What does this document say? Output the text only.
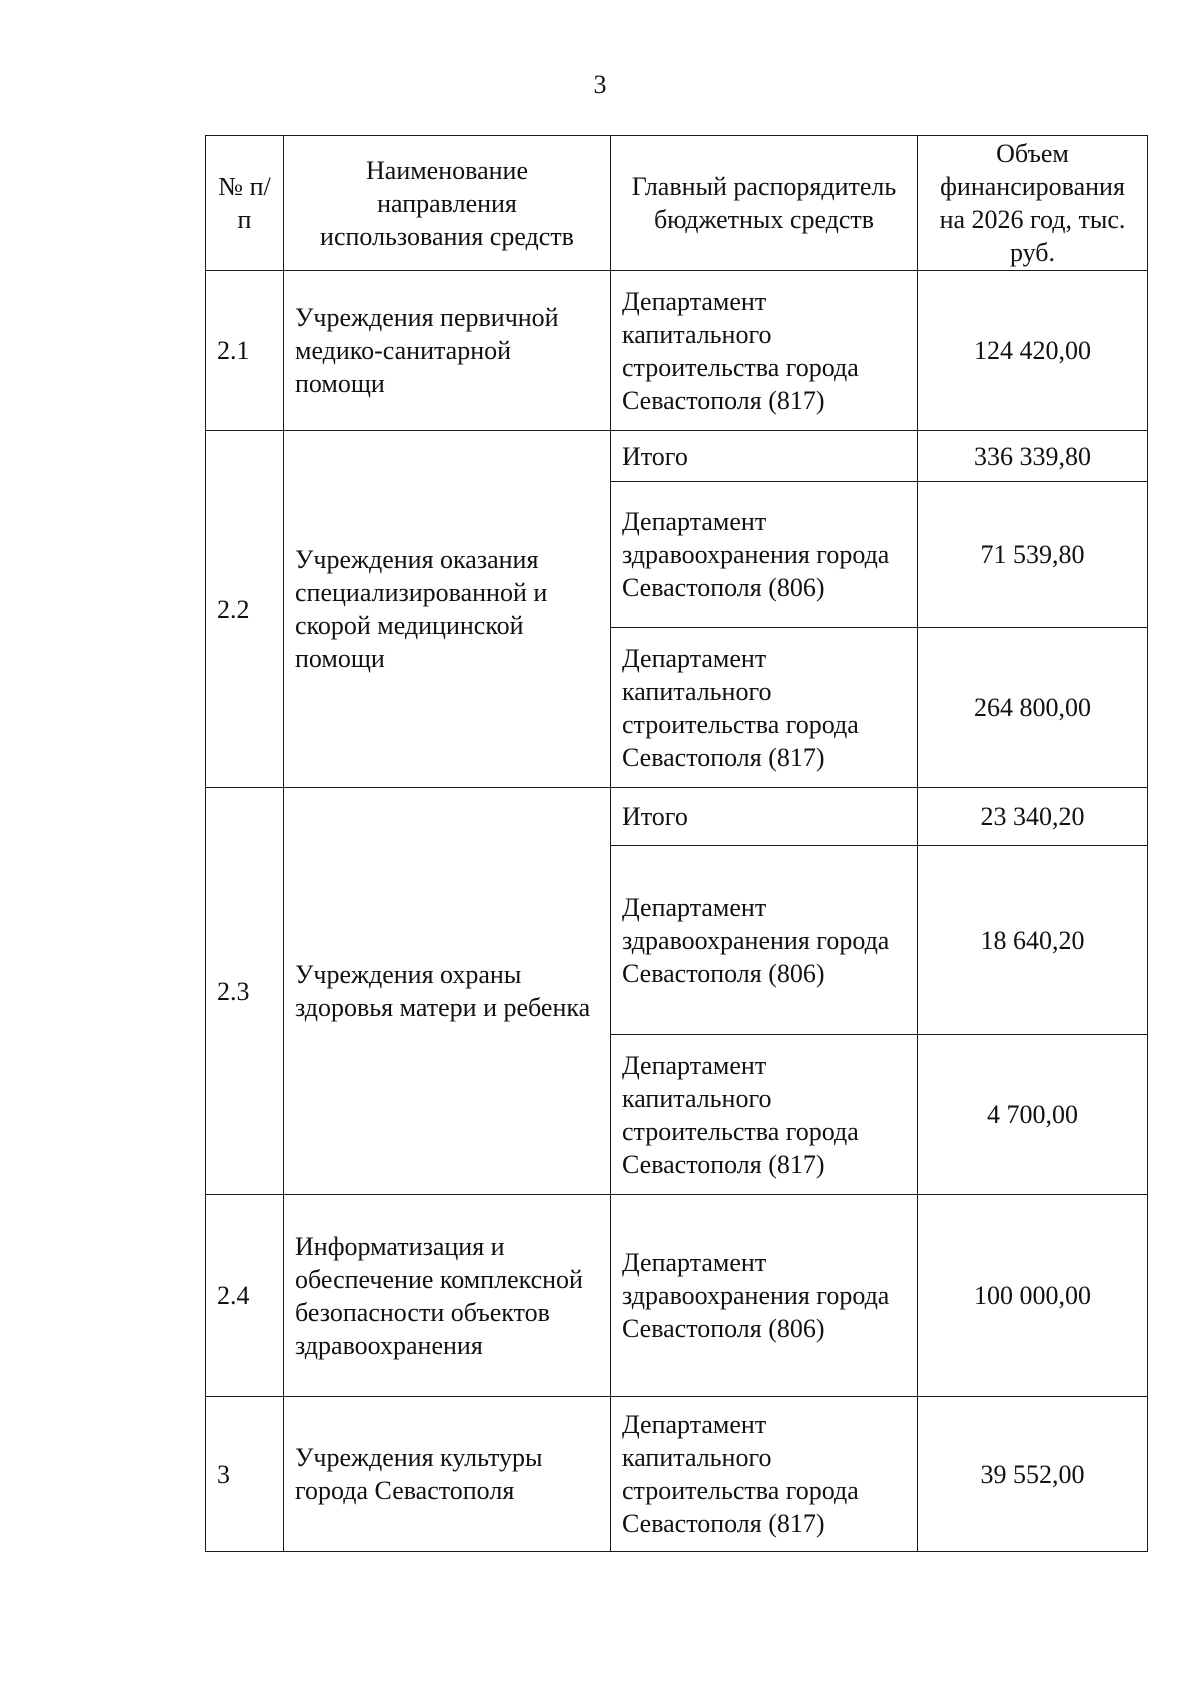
3
№ п/п	Наименование направления использования средств	Главный распорядитель бюджетных средств	Объем финансирования на 2026 год, тыс. руб.
2.1	Учреждения первичной медико-санитарной помощи	Департамент капитального строительства города Севастополя (817)	124 420,00
2.2	Учреждения оказания специализированной и скорой медицинской помощи	Итого	336 339,80
		Департамент здравоохранения города Севастополя (806)	71 539,80
		Департамент капитального строительства города Севастополя (817)	264 800,00
2.3	Учреждения охраны здоровья матери и ребенка	Итого	23 340,20
		Департамент здравоохранения города Севастополя (806)	18 640,20
		Департамент капитального строительства города Севастополя (817)	4 700,00
2.4	Информатизация и обеспечение комплексной безопасности объектов здравоохранения	Департамент здравоохранения города Севастополя (806)	100 000,00
3	Учреждения культуры города Севастополя	Департамент капитального строительства города Севастополя (817)	39 552,00
